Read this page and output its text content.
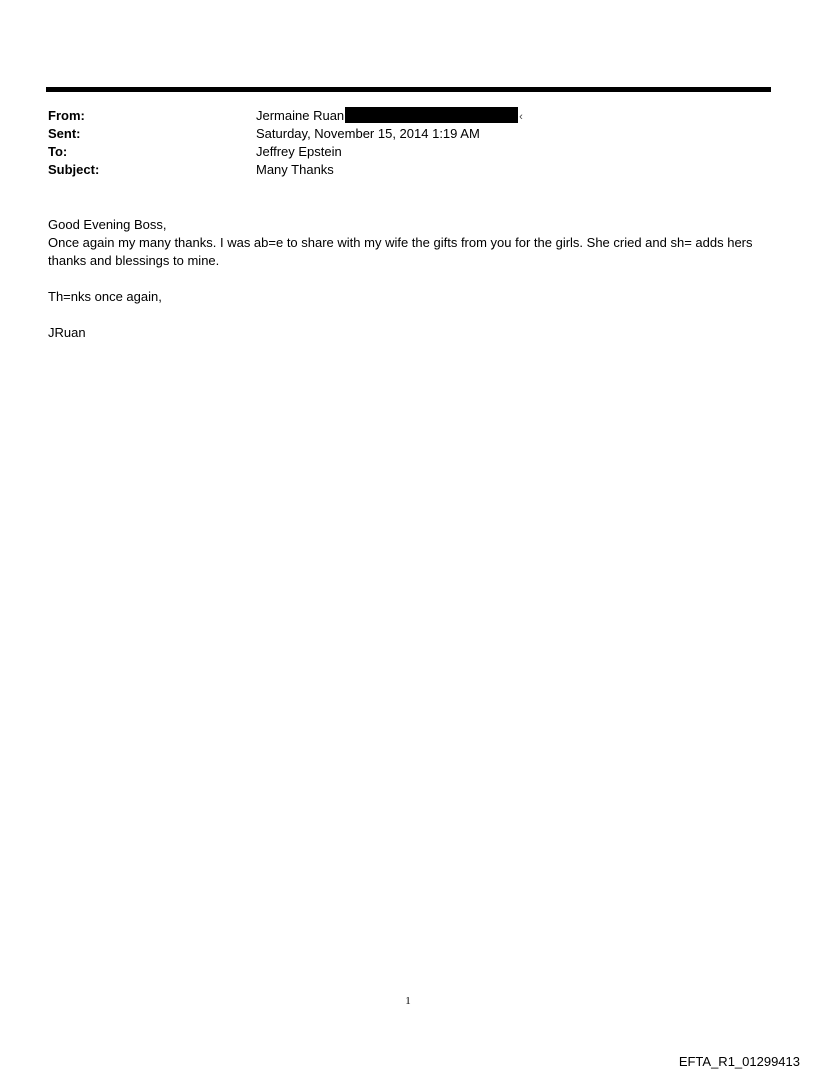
From:	Jermaine Ruan	‹
Sent:	Saturday, November 15, 2014 1:19 AM
To:	Jeffrey Epstein
Subject:	Many Thanks

Good Evening Boss,

Once again my many thanks. I was ab=e to share with my wife the gifts from you for the girls. She cried and sh= adds hers thanks and blessings to mine.

Th=nks once again,

JRuan

1
EFTA_R1_01299413
